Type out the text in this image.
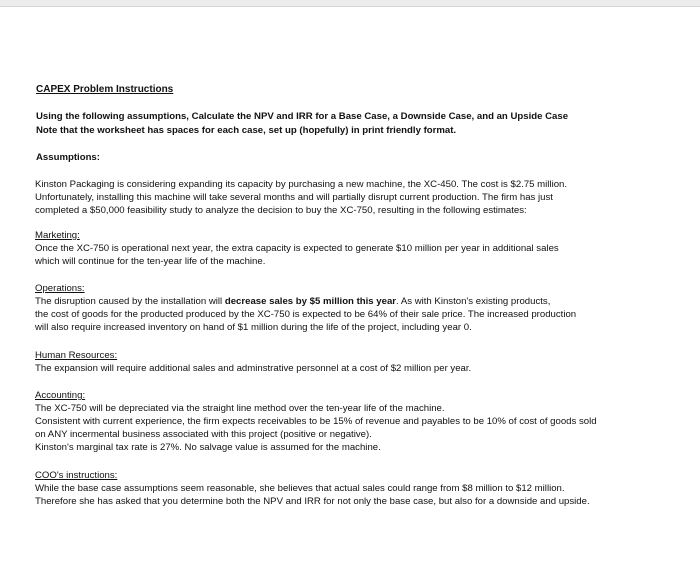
CAPEX Problem Instructions
Using the following assumptions, Calculate the NPV and IRR for a Base Case, a Downside Case, and an Upside Case
Note that the worksheet has spaces for each case, set up (hopefully) in print friendly format.
Assumptions:
Kinston Packaging is considering expanding its capacity by purchasing a new machine, the XC-450. The cost is $2.75 million.
Unfortunately, installing this machine will take several months and will partially disrupt current production. The firm has just
completed a $50,000 feasibility study to analyze the decision to buy the XC-750, resulting in the following estimates:
Marketing:
Once the XC-750 is operational next year, the extra capacity is expected to generate $10 million per year in additional sales
which will continue for the ten-year life of the machine.
Operations:
The disruption caused by the installation will decrease sales by $5 million this year. As with Kinston's existing products,
the cost of goods for the producted produced by the XC-750 is expected to be 64% of their sale price. The increased production
will also require increased inventory on hand of $1 million during the life of the project, including year 0.
Human Resources:
The expansion will require additional sales and adminstrative personnel at a cost of $2 million per year.
Accounting:
The XC-750 will be depreciated via the straight line method over the ten-year life of the machine.
Consistent with current experience, the firm expects receivables to be 15% of revenue and payables to be 10% of cost of goods sold
on ANY incermental business associated with this project (positive or negative).
Kinston's marginal tax rate is 27%. No salvage value is assumed for the machine.
COO's instructions:
While the base case assumptions seem reasonable, she believes that actual sales could range from $8 million to $12 million.
Therefore she has asked that you determine both the NPV and IRR for not only the base case, but also for a downside and upside.
